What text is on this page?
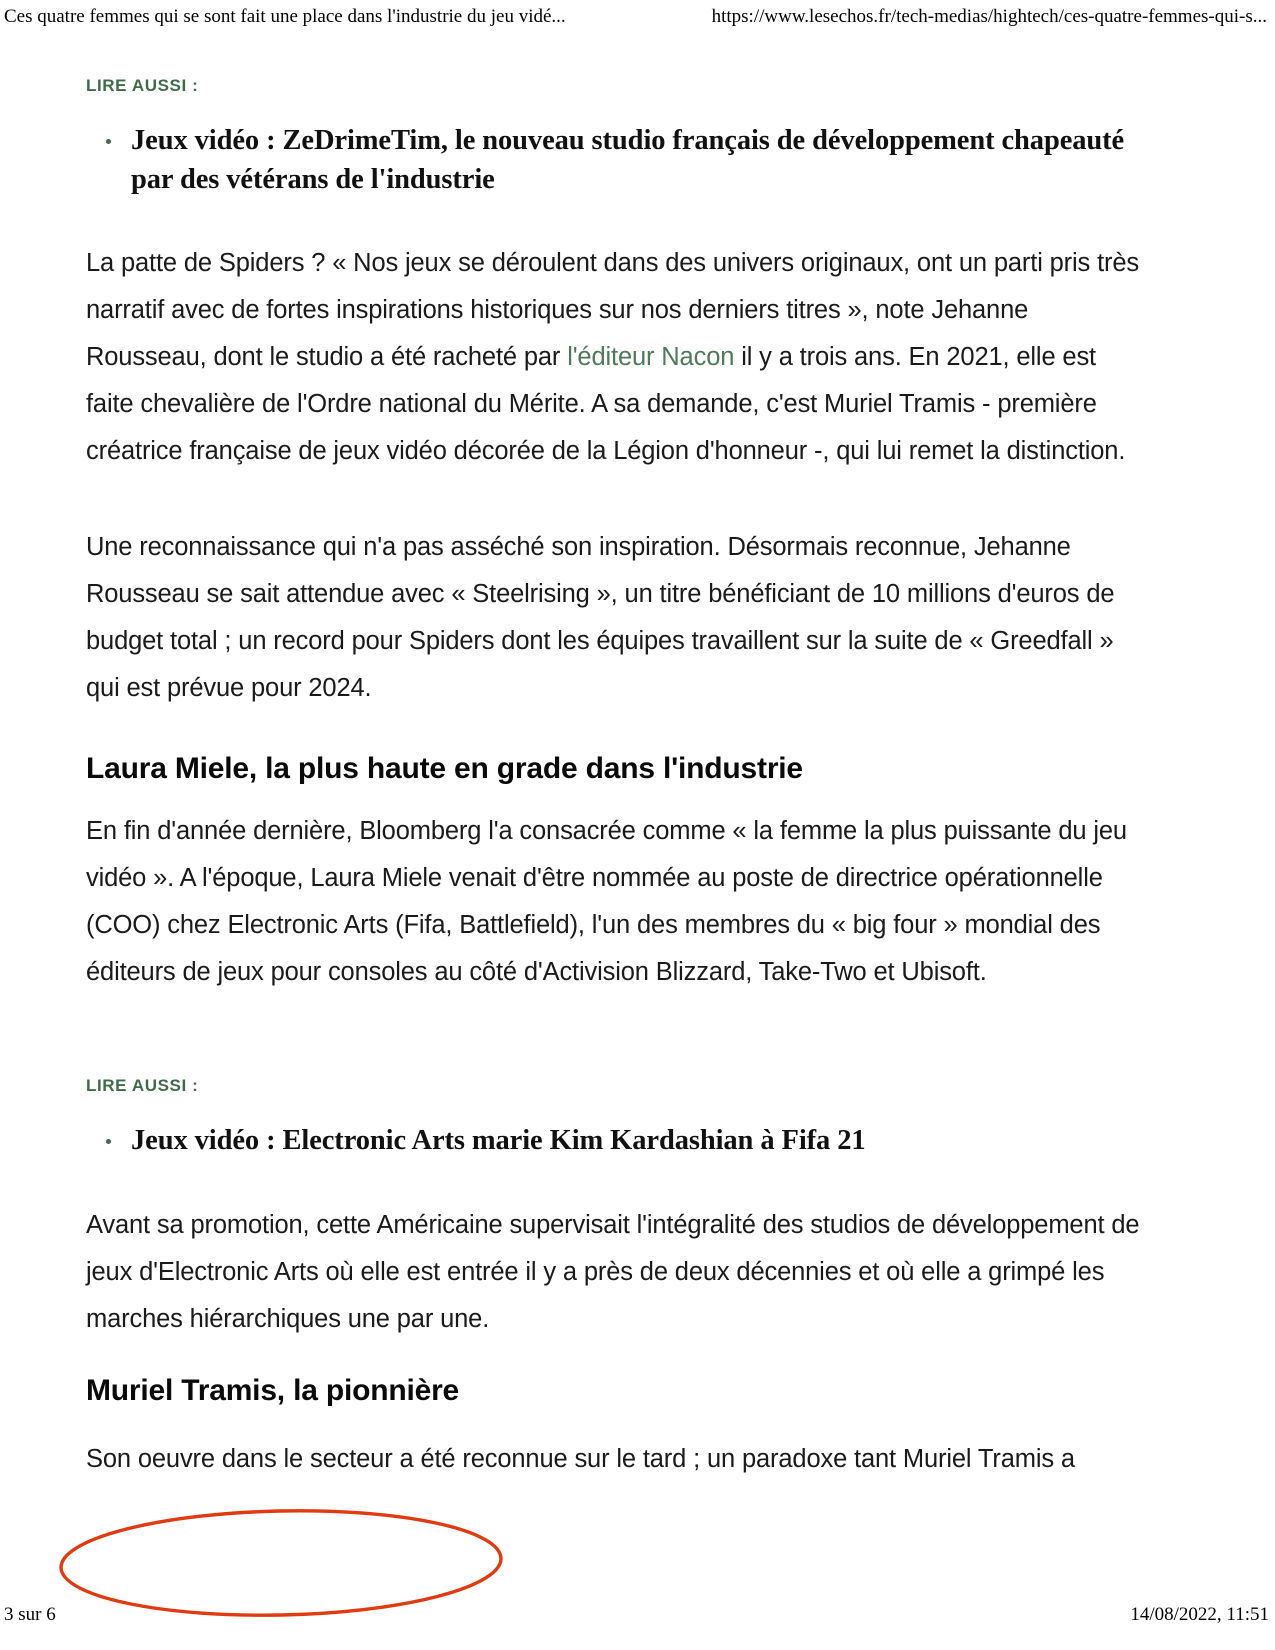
Ces quatre femmes qui se sont fait une place dans l'industrie du jeu vidé...	https://www.lesechos.fr/tech-medias/hightech/ces-quatre-femmes-qui-s...

LIRE AUSSI :

Jeux vidéo : ZeDrimeTim, le nouveau studio français de développement chapeauté par des vétérans de l'industrie

La patte de Spiders ? « Nos jeux se déroulent dans des univers originaux, ont un parti pris très narratif avec de fortes inspirations historiques sur nos derniers titres », note Jehanne Rousseau, dont le studio a été racheté par l'éditeur Nacon il y a trois ans. En 2021, elle est faite chevalière de l'Ordre national du Mérite. A sa demande, c'est Muriel Tramis - première créatrice française de jeux vidéo décorée de la Légion d'honneur -, qui lui remet la distinction.

Une reconnaissance qui n'a pas asséché son inspiration. Désormais reconnue, Jehanne Rousseau se sait attendue avec « Steelrising », un titre bénéficiant de 10 millions d'euros de budget total ; un record pour Spiders dont les équipes travaillent sur la suite de « Greedfall » qui est prévue pour 2024.

Laura Miele, la plus haute en grade dans l'industrie

En fin d'année dernière, Bloomberg l'a consacrée comme « la femme la plus puissante du jeu vidéo ». A l'époque, Laura Miele venait d'être nommée au poste de directrice opérationnelle (COO) chez Electronic Arts (Fifa, Battlefield), l'un des membres du « big four » mondial des éditeurs de jeux pour consoles au côté d'Activision Blizzard, Take-Two et Ubisoft.

LIRE AUSSI :

Jeux vidéo : Electronic Arts marie Kim Kardashian à Fifa 21

Avant sa promotion, cette Américaine supervisait l'intégralité des studios de développement de jeux d'Electronic Arts où elle est entrée il y a près de deux décennies et où elle a grimpé les marches hiérarchiques une par une.

Muriel Tramis, la pionnière

Son oeuvre dans le secteur a été reconnue sur le tard ; un paradoxe tant Muriel Tramis a

3 sur 6	14/08/2022, 11:51
